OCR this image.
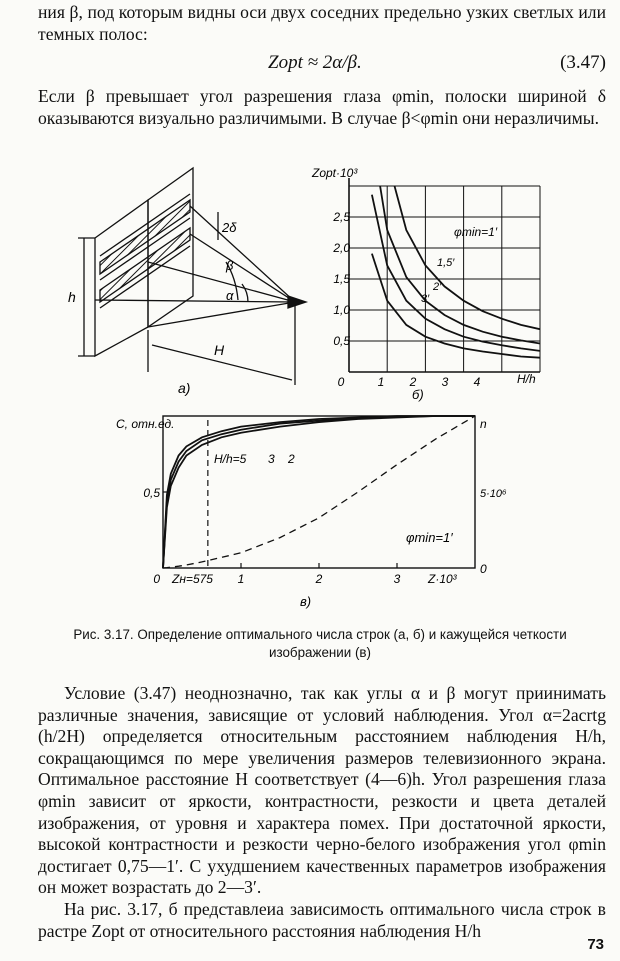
ния β, под которым видны оси двух соседних предельно узких светлых или темных полос:

Zopt ≈ 2α/β.	(3.47)

Если β превышает угол разрешения глаза φmin, полоски шириной δ оказываются визуально различимыми. В случае β<φmin они неразличимы.

2δ
β
α
h
H
а)
Zopt·10³
H/h
б)
0	1 2 3 4
0,5
1,0
1,5
2,0
2,5
φmin=1′
1,5′
2′
3′
С, отн.ед.	n
5·10⁶
0
0
0,5
1	2	3 Z·10³
Zн=575
H/h=5 3 2
φmin=1′
в)
Рис. 3.17. Определение оптимального числа строк (а, б) и кажущейся четкости изображении (в)

Условие (3.47) неоднозначно, так как углы α и β могут приинимать различные значения, зависящие от условий наблюдения. Угол α=2acrtg (h/2H) определяется относительным расстоянием наблюдения H/h, сокращающимся по мере увеличения размеров телевизионного экрана. Оптимальное расстояние H соответствует (4—6)h. Угол разрешения глаза φmin зависит от яркости, контрастности, резкости и цвета деталей изображения, от уровня и характера помех. При достаточной яркости, высокой контрастности и резкости черно-белого изображения угол φmin достигает 0,75—1′. С ухудшением качественных параметров изображения он может возрастать до 2—3′.

На рис. 3.17, б представлеиа зависимость оптимального числа строк в растре Zopt от относительного расстояния наблюдения H/h

73
